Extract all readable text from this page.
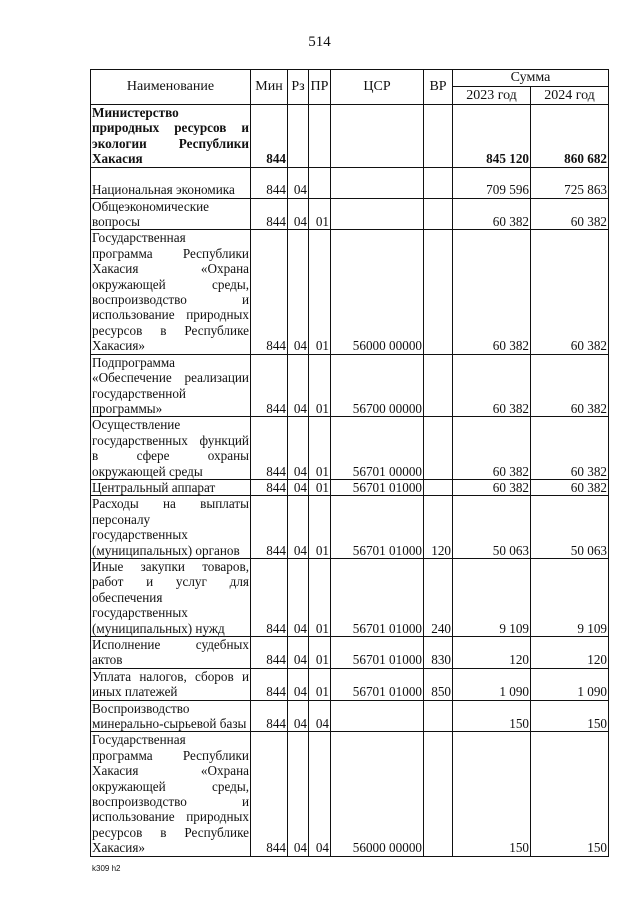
514
Наименование	Мин	Рз	ПР	ЦСР	ВР	Сумма	
						2023 год	2024 год
Министерство природных ресурсов и экологии Республики Хакасия	844					845 120	860 682
Национальная экономика	844	04				709 596	725 863
Общеэкономические вопросы	844	04	01			60 382	60 382
Государственная программа Республики Хакасия «Охрана окружающей среды, воспроизводство и использование природных ресурсов в Республике Хакасия»	844	04	01	56000 00000		60 382	60 382
Подпрограмма «Обеспечение реализации государственной программы»	844	04	01	56700 00000		60 382	60 382
Осуществление государственных функций в сфере охраны окружающей среды	844	04	01	56701 00000		60 382	60 382
Центральный аппарат	844	04	01	56701 01000		60 382	60 382
Расходы на выплаты персоналу государственных (муниципальных) органов	844	04	01	56701 01000	120	50 063	50 063
Иные закупки товаров, работ и услуг для обеспечения государственных (муниципальных) нужд	844	04	01	56701 01000	240	9 109	9 109
Исполнение судебных актов	844	04	01	56701 01000	830	120	120
Уплата налогов, сборов и иных платежей	844	04	01	56701 01000	850	1 090	1 090
Воспроизводство минерально-сырьевой базы	844	04	04			150	150
Государственная программа Республики Хакасия «Охрана окружающей среды, воспроизводство и использование природных ресурсов в Республике Хакасия»	844	04	04	56000 00000		150	150
k309 h2
